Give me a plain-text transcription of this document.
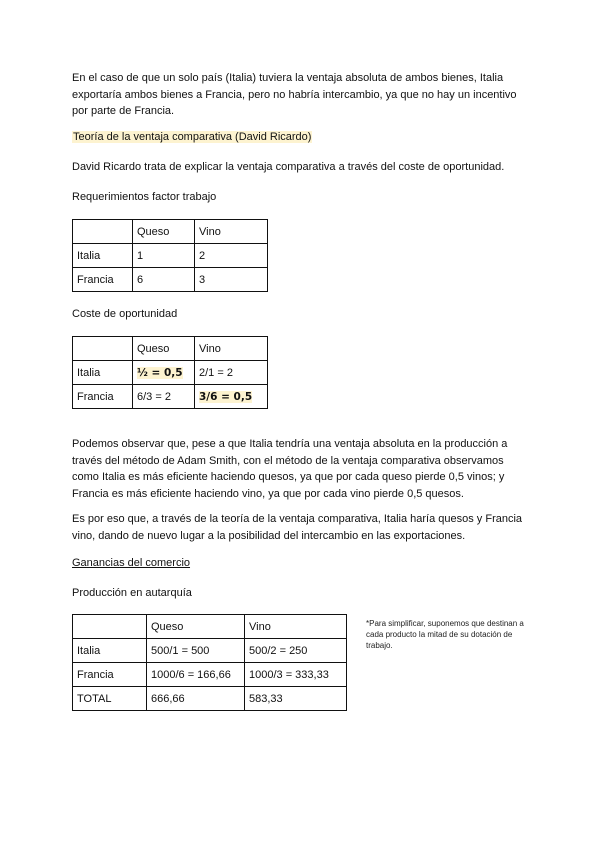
En el caso de que un solo país (Italia) tuviera la ventaja absoluta de ambos bienes, Italia
exportaría ambos bienes a Francia, pero no habría intercambio, ya que no hay un incentivo
por parte de Francia.

Teoría de la ventaja comparativa (David Ricardo)

David Ricardo trata de explicar la ventaja comparativa a través del coste de oportunidad.

Requerimientos factor trabajo

	Queso	Vino
Italia	1	2
Francia	6	3

Coste de oportunidad

	Queso	Vino
Italia	½ = 0,5	2/1 = 2
Francia	6/3 = 2	3/6 = 0,5

Podemos observar que, pese a que Italia tendría una ventaja absoluta en la producción a
través del método de Adam Smith, con el método de la ventaja comparativa observamos
como Italia es más eficiente haciendo quesos, ya que por cada queso pierde 0,5 vinos; y
Francia es más eficiente haciendo vino, ya que por cada vino pierde 0,5 quesos.

Es por eso que, a través de la teoría de la ventaja comparativa, Italia haría quesos y Francia
vino, dando de nuevo lugar a la posibilidad del intercambio en las exportaciones.

Ganancias del comercio

Producción en autarquía

	Queso	Vino
Italia	500/1 = 500	500/2 = 250
Francia	1000/6 = 166,66	1000/3 = 333,33
TOTAL	666,66	583,33

*Para simplificar, suponemos que destinan a
cada producto la mitad de su dotación de
trabajo.
